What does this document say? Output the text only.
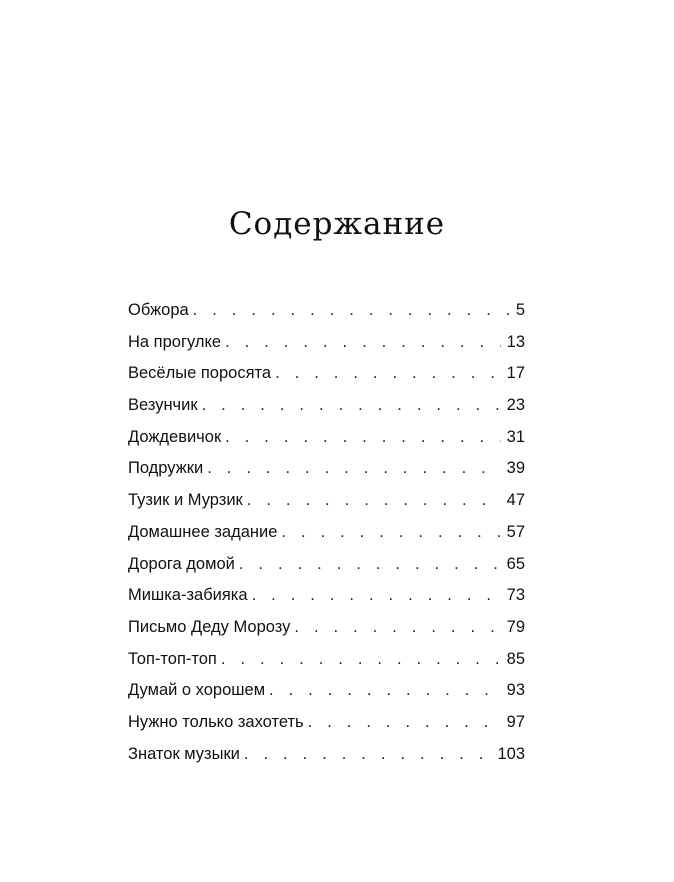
Содержание
Обжора . . .	5
На прогулке . . .	13
Весёлые поросята . . .	17
Везунчик . . .	23
Дождевичок . . .	31
Подружки . . .	39
Тузик и Мурзик . . .	47
Домашнее задание . . .	57
Дорога домой . . .	65
Мишка-забияка . . .	73
Письмо Деду Морозу . . .	79
Топ-топ-топ . . .	85
Думай о хорошем . . .	93
Нужно только захотеть . . .	97
Знаток музыки . . .	103
